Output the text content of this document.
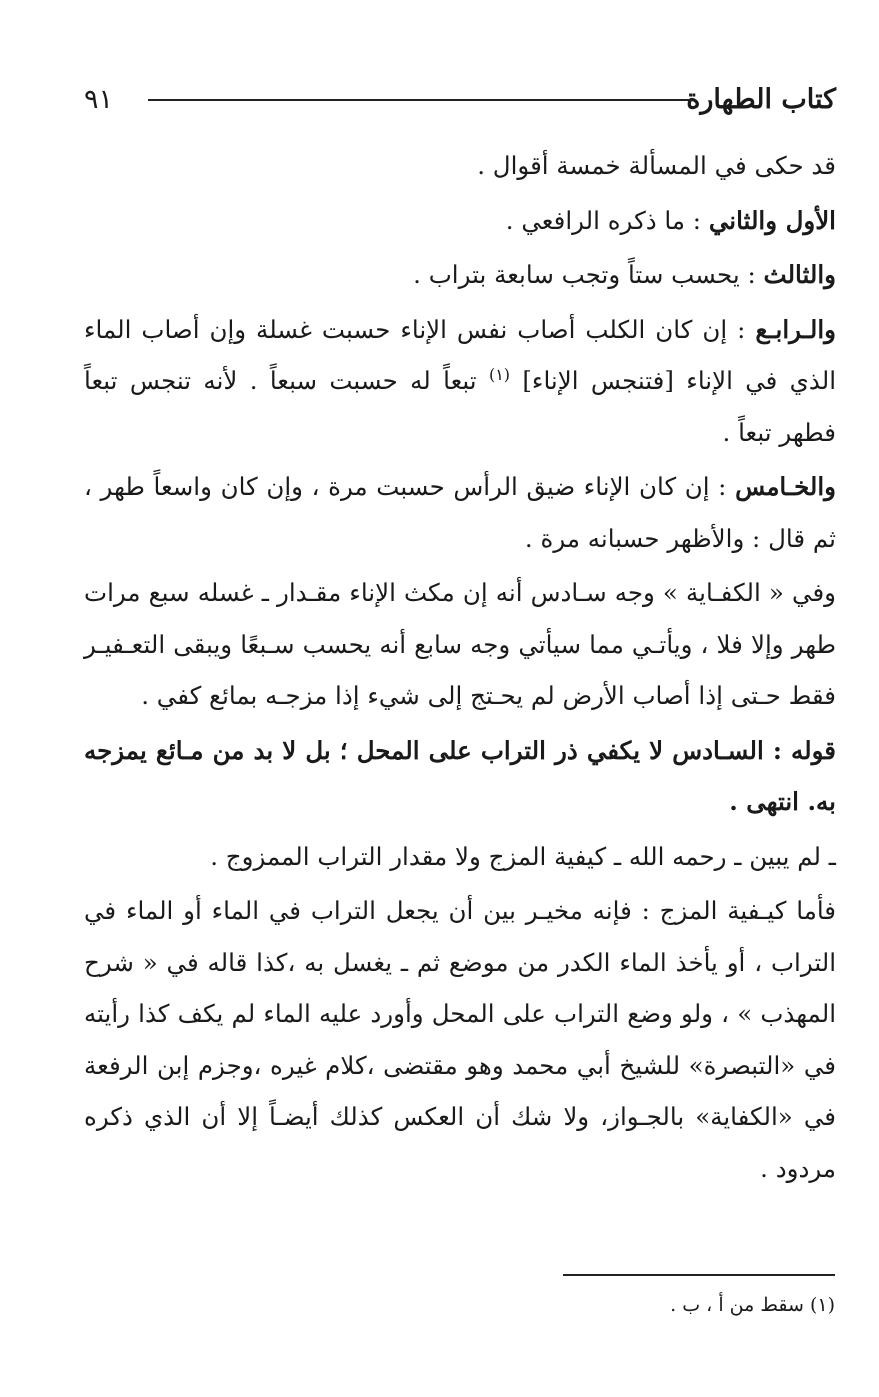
كتاب الطهارة
٩١

قد حكى في المسألة خمسة أقوال .

الأول والثاني : ما ذكره الرافعي .

والثالث : يحسب ستاً وتجب سابعة بتراب .

والـرابـع : إن كان الكلب أصاب نفس الإناء حسبت غسلة وإن أصاب الماء الذي في الإناء [فتنجس الإناء] $^{(١)}$ تبعاً له حسبت سبعاً . لأنه تنجس تبعاً فطهر تبعاً .

والخـامس : إن كان الإناء ضيق الرأس حسبت مرة ، وإن كان واسعاً طهر ، ثم قال : والأظهر حسبانه مرة .

وفي « الكفـاية » وجه سـادس أنه إن مكث الإناء مقـدار ـ غسله سبع مرات طهر وإلا فلا ، ويأتـي مما سيأتي وجه سابع أنه يحسب سـبعًا ويبقى التعـفيـر فقط حـتى إذا أصاب الأرض لم يحـتج إلى شيء إذا مزجـه بمائع كفي .

قوله : السـادس لا يكفي ذر التراب على المحل ؛ بل لا بد من مـائع يمزجه به. انتهى .

ـ لم يبين ـ رحمه الله ـ كيفية المزج ولا مقدار التراب الممزوج .

فأما كيـفية المزج : فإنه مخيـر بين أن يجعل التراب في الماء أو الماء في التراب ، أو يأخذ الماء الكدر من موضع ثم ـ يغسل به ،كذا قاله في « شرح المهذب » ، ولو وضع التراب على المحل وأورد عليه الماء لم يكف كذا رأيته في «التبصرة» للشيخ أبي محمد وهو مقتضى ،كلام غيره ،وجزم إبن الرفعة في «الكفاية» بالجـواز، ولا شك أن العكس كذلك أيضـاً إلا أن الذي ذكره مردود .

(١) سقط من أ ، ب .
